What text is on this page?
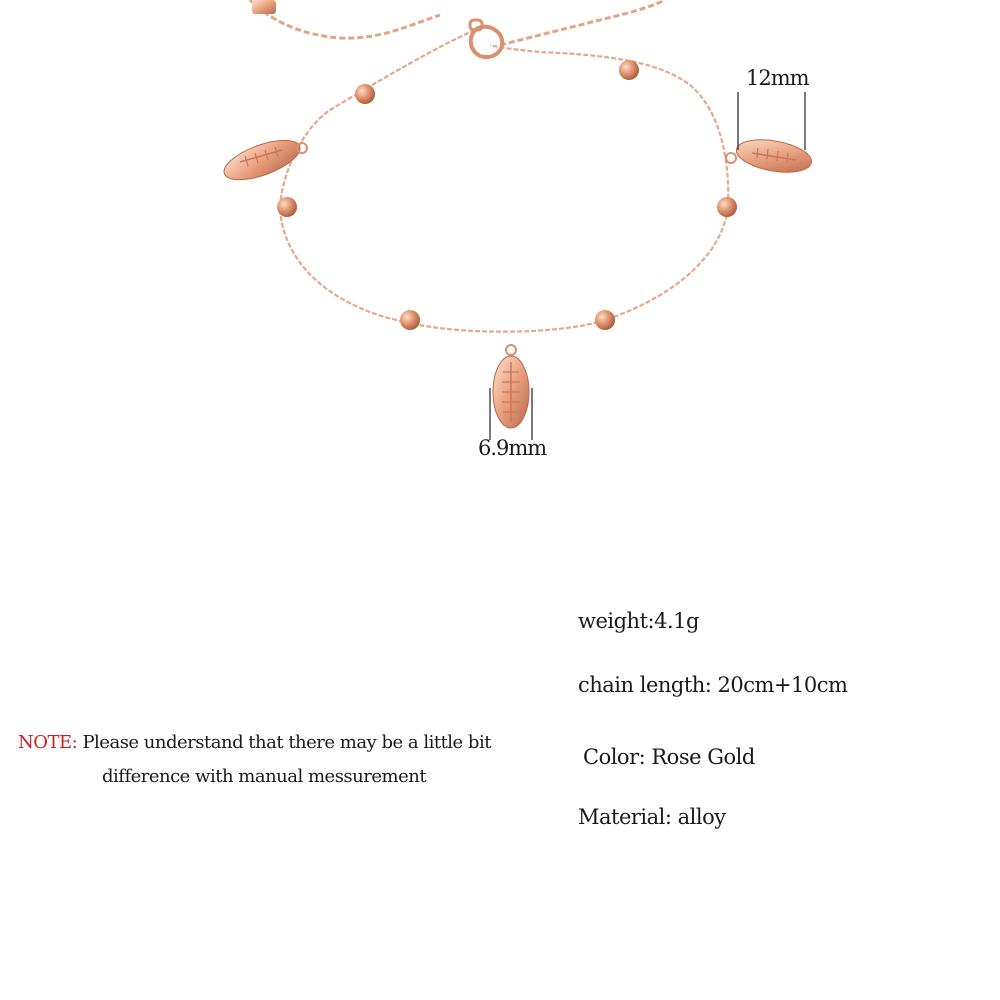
12mm
6.9mm
weight:4.1g
chain length: 20cm+10cm
Color: Rose Gold
Material: alloy
NOTE: Please understand that there may be a little bit
difference with manual messurement
